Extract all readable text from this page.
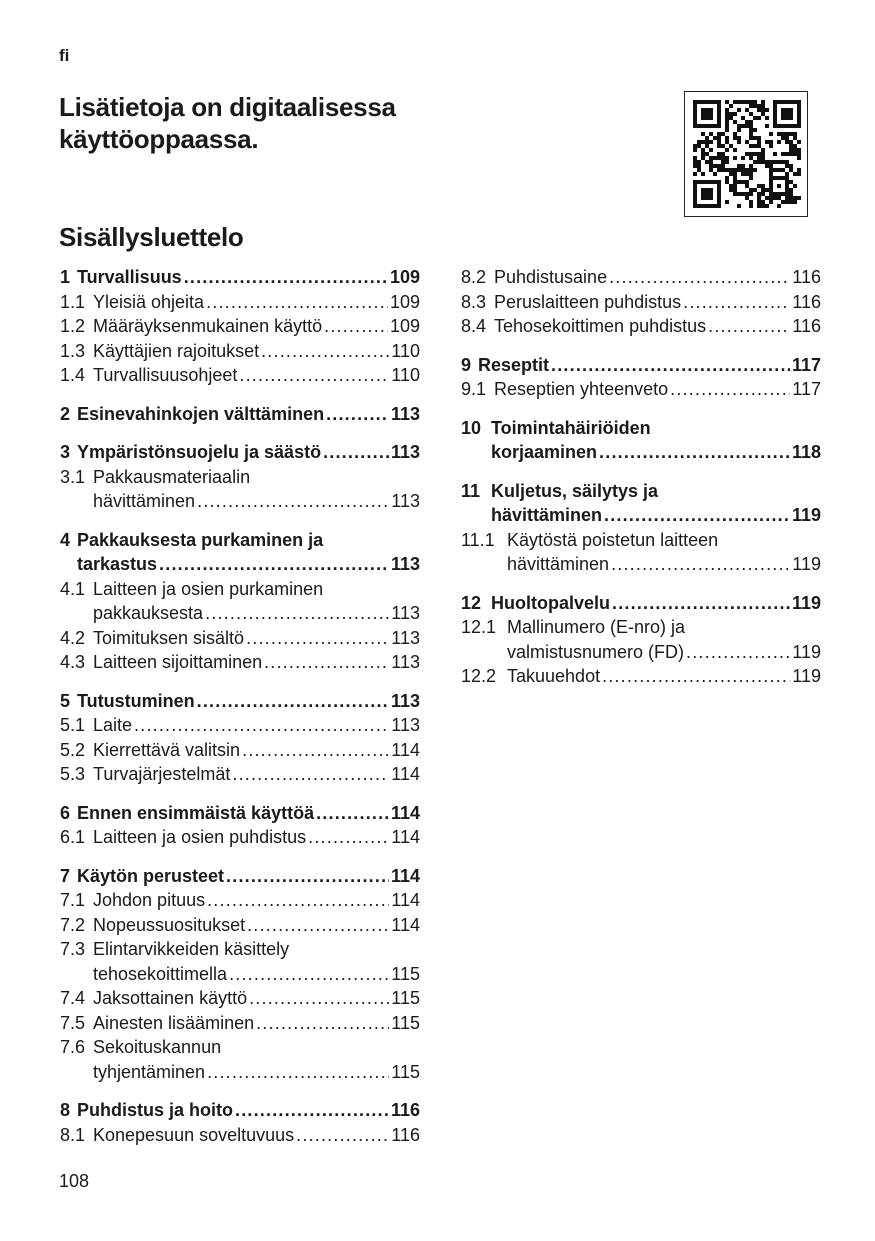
fi
Lisätietoja on digitaalisessa
käyttöoppaassa.
Sisällysluettelo
1 Turvallisuus .....	109
1.1 Yleisiä ohjeita .....	109
1.2 Määräyksenmukainen käyttö .....	109
1.3 Käyttäjien rajoitukset .....	110
1.4 Turvallisuusohjeet .....	110
2 Esinevahinkojen välttäminen .....	113
3 Ympäristönsuojelu ja säästö .....	113
3.1 Pakkausmateriaalin
hävittäminen .....	113
4 Pakkauksesta purkaminen ja
tarkastus .....	113
4.1 Laitteen ja osien purkaminen
pakkauksesta .....	113
4.2 Toimituksen sisältö .....	113
4.3 Laitteen sijoittaminen .....	113
5 Tutustuminen .....	113
5.1 Laite .....	113
5.2 Kierrettävä valitsin .....	114
5.3 Turvajärjestelmät .....	114
6 Ennen ensimmäistä käyttöä .....	114
6.1 Laitteen ja osien puhdistus .....	114
7 Käytön perusteet .....	114
7.1 Johdon pituus .....	114
7.2 Nopeussuositukset .....	114
7.3 Elintarvikkeiden käsittely
tehosekoittimella .....	115
7.4 Jaksottainen käyttö .....	115
7.5 Ainesten lisääminen .....	115
7.6 Sekoituskannun
tyhjentäminen .....	115
8 Puhdistus ja hoito .....	116
8.1 Konepesuun soveltuvuus .....	116
8.2 Puhdistusaine .....	116
8.3 Peruslaitteen puhdistus .....	116
8.4 Tehosekoittimen puhdistus .....	116
9 Reseptit .....	117
9.1 Reseptien yhteenveto .....	117
10 Toimintahäiriöiden
korjaaminen .....	118
11 Kuljetus, säilytys ja
hävittäminen .....	119
11.1 Käytöstä poistetun laitteen
hävittäminen .....	119
12 Huoltopalvelu .....	119
12.1 Mallinumero (E-nro) ja
valmistusnumero (FD) .....	119
12.2 Takuuehdot .....	119
108
